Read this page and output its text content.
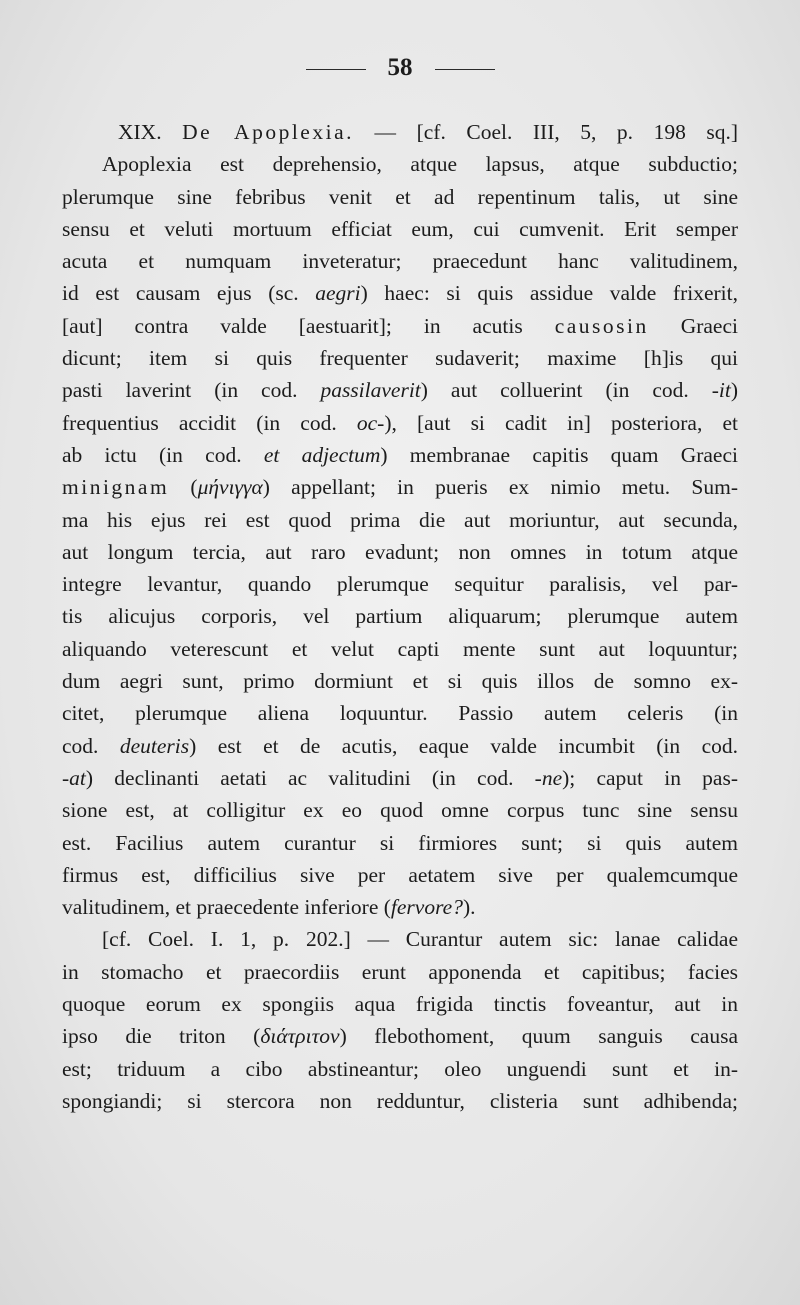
58
XIX. De Apoplexia. — [cf. Coel. III, 5, p. 198 sq.]
Apoplexia est deprehensio, atque lapsus, atque subductio;
plerumque sine febribus venit et ad repentinum talis, ut sine
sensu et veluti mortuum efficiat eum, cui cumvenit. Erit semper
acuta et numquam inveteratur; praecedunt hanc valitudinem,
id est causam ejus (sc. aegri) haec: si quis assidue valde frixerit,
[aut] contra valde [aestuarit]; in acutis causosin Graeci
dicunt; item si quis frequenter sudaverit; maxime [h]is qui
pasti laverint (in cod. passilaverit) aut colluerint (in cod. -it)
frequentius accidit (in cod. oc-), [aut si cadit in] posteriora, et
ab ictu (in cod. et adjectum) membranae capitis quam Graeci
minignam (μήνιγγα) appellant; in pueris ex nimio metu. Sum-
ma his ejus rei est quod prima die aut moriuntur, aut secunda,
aut longum tercia, aut raro evadunt; non omnes in totum atque
integre levantur, quando plerumque sequitur paralisis, vel par-
tis alicujus corporis, vel partium aliquarum; plerumque autem
aliquando veterescunt et velut capti mente sunt aut loquuntur;
dum aegri sunt, primo dormiunt et si quis illos de somno ex-
citet, plerumque aliena loquuntur. Passio autem celeris (in
cod. deuteris) est et de acutis, eaque valde incumbit (in cod.
-at) declinanti aetati ac valitudini (in cod. -ne); caput in pas-
sione est, at colligitur ex eo quod omne corpus tunc sine sensu
est. Facilius autem curantur si firmiores sunt; si quis autem
firmus est, difficilius sive per aetatem sive per qualemcumque
valitudinem, et praecedente inferiore (fervore?).
[cf. Coel. I. 1, p. 202.] — Curantur autem sic: lanae calidae
in stomacho et praecordiis erunt apponenda et capitibus; facies
quoque eorum ex spongiis aqua frigida tinctis foveantur, aut in
ipso die triton (διάτριτον) flebothoment, quum sanguis causa
est; triduum a cibo abstineantur; oleo unguendi sunt et in-
spongiandi; si stercora non redduntur, clisteria sunt adhibenda;
